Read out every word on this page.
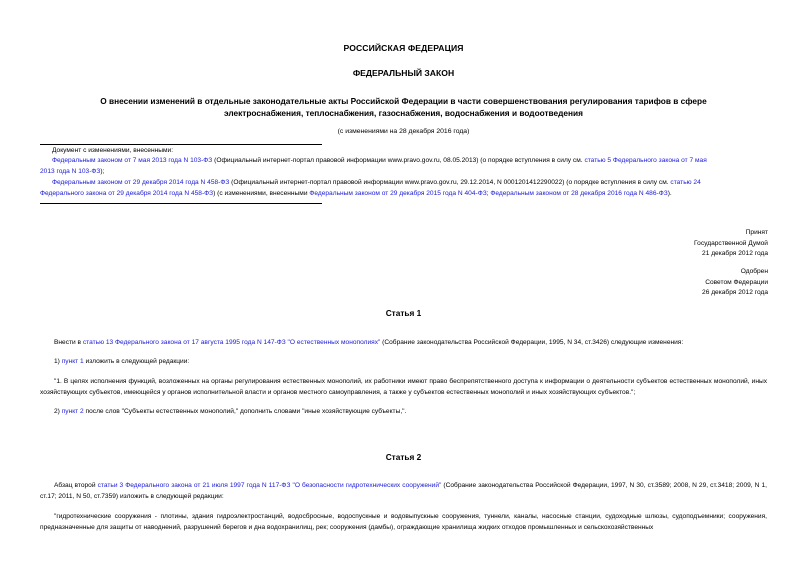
РОССИЙСКАЯ ФЕДЕРАЦИЯ
ФЕДЕРАЛЬНЫЙ ЗАКОН
О внесении изменений в отдельные законодательные акты Российской Федерации в части совершенствования регулирования тарифов в сфере
электроснабжения, теплоснабжения, газоснабжения, водоснабжения и водоотведения
(с изменениями на 28 декабря 2016 года)
Документ с изменениями, внесенными:
Федеральным законом от 7 мая 2013 года N 103-ФЗ (Официальный интернет-портал правовой информации www.pravo.gov.ru, 08.05.2013) (о порядке вступления в силу см. статью 5 Федерального закона от 7 мая
2013 года N 103-ФЗ);
Федеральным законом от 29 декабря 2014 года N 458-ФЗ (Официальный интернет-портал правовой информации www.pravo.gov.ru, 29.12.2014, N 0001201412290022) (о порядке вступления в силу см. статью 24
Федерального закона от 29 декабря 2014 года N 458-ФЗ) (с изменениями, внесенными Федеральным законом от 29 декабря 2015 года N 404-ФЗ; Федеральным законом от 28 декабря 2016 года N 486-ФЗ).
Принят
Государственной Думой
21 декабря 2012 года
Одобрен
Советом Федерации
26 декабря 2012 года
Статья 1
Внести в статью 13 Федерального закона от 17 августа 1995 года N 147-ФЗ "О естественных монополиях" (Собрание законодательства Российской Федерации, 1995, N 34, ст.3426) следующие изменения:
1) пункт 1 изложить в следующей редакции:
"1. В целях исполнения функций, возложенных на органы регулирования естественных монополий, их работники имеют право беспрепятственного доступа к информации о деятельности субъектов естественных монополий, иных хозяйствующих субъектов, имеющейся у органов исполнительной власти и органов местного самоуправления, а также у субъектов естественных монополий и иных хозяйствующих субъектов.";
2) пункт 2 после слов "Субъекты естественных монополий," дополнить словами "иные хозяйствующие субъекты,".
Статья 2
Абзац второй статьи 3 Федерального закона от 21 июля 1997 года N 117-ФЗ "О безопасности гидротехнических сооружений" (Собрание законодательства Российской Федерации, 1997, N 30, ст.3589; 2008, N 29, ст.3418; 2009, N 1, ст.17; 2011, N 50, ст.7359) изложить в следующей редакции:
"гидротехнические сооружения - плотины, здания гидроэлектростанций, водосбросные, водоспускные и водовыпускные сооружения, туннели, каналы, насосные станции, судоходные шлюзы, судоподъемники; сооружения, предназначенные для защиты от наводнений, разрушений берегов и дна водохранилищ, рек; сооружения (дамбы), ограждающие хранилища жидких отходов промышленных и сельскохозяйственных
